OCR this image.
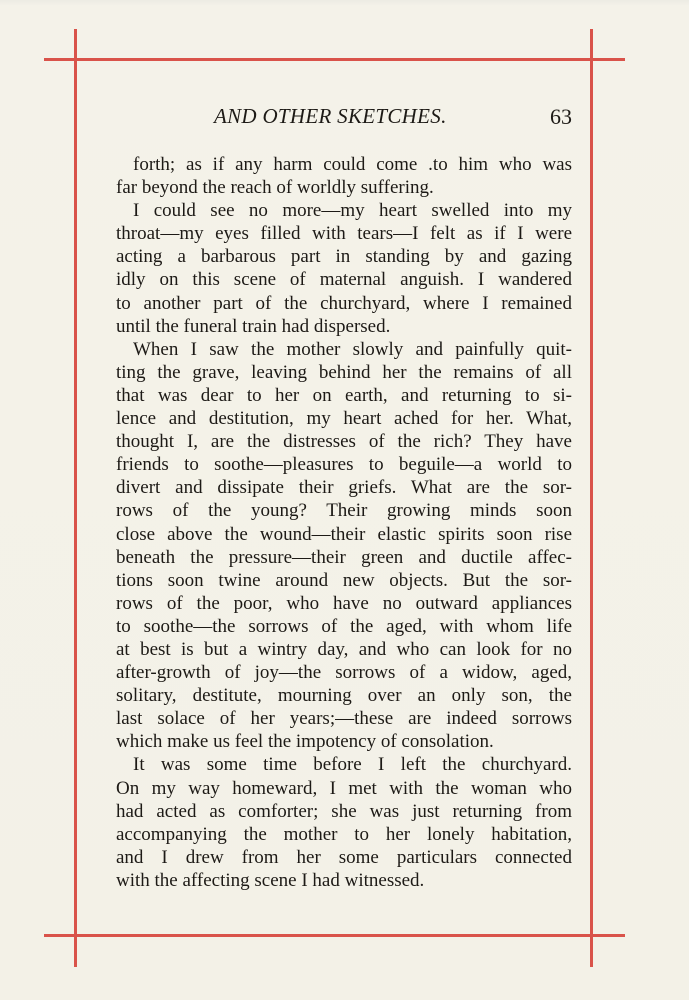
AND OTHER SKETCHES.	63
forth; as if any harm could come .to him who was
far beyond the reach of worldly suffering.
I could see no more—my heart swelled into my
throat—my eyes filled with tears—I felt as if I were
acting a barbarous part in standing by and gazing
idly on this scene of maternal anguish. I wandered
to another part of the churchyard, where I remained
until the funeral train had dispersed.
When I saw the mother slowly and painfully quit-
ting the grave, leaving behind her the remains of all
that was dear to her on earth, and returning to si-
lence and destitution, my heart ached for her. What,
thought I, are the distresses of the rich? They have
friends to soothe—pleasures to beguile—a world to
divert and dissipate their griefs. What are the sor-
rows of the young? Their growing minds soon
close above the wound—their elastic spirits soon rise
beneath the pressure—their green and ductile affec-
tions soon twine around new objects. But the sor-
rows of the poor, who have no outward appliances
to soothe—the sorrows of the aged, with whom life
at best is but a wintry day, and who can look for no
after-growth of joy—the sorrows of a widow, aged,
solitary, destitute, mourning over an only son, the
last solace of her years;—these are indeed sorrows
which make us feel the impotency of consolation.
It was some time before I left the churchyard.
On my way homeward, I met with the woman who
had acted as comforter; she was just returning from
accompanying the mother to her lonely habitation,
and I drew from her some particulars connected
with the affecting scene I had witnessed.
